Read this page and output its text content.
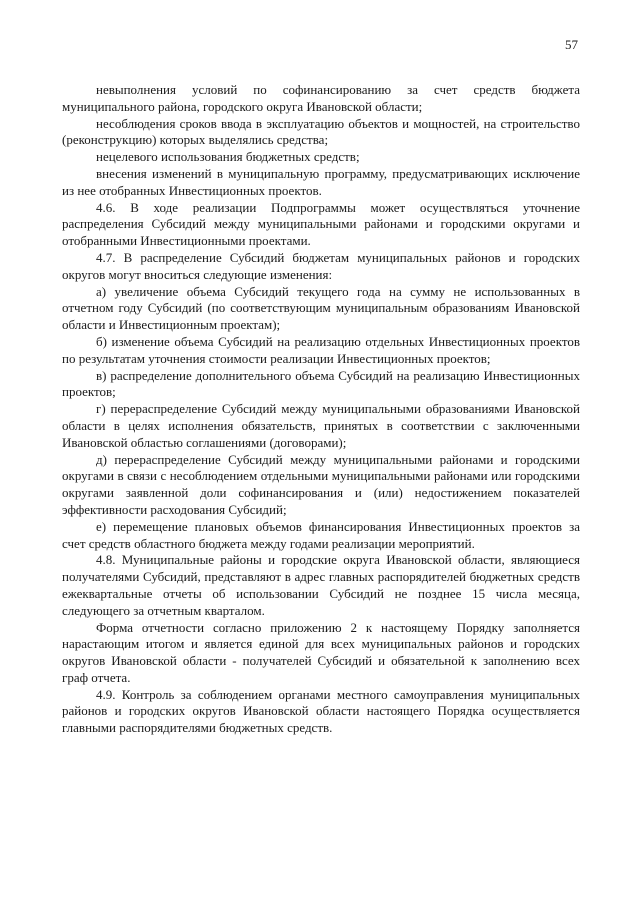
57

невыполнения условий по софинансированию за счет средств бюджета муниципального района, городского округа Ивановской области;

несоблюдения сроков ввода в эксплуатацию объектов и мощностей, на строительство (реконструкцию) которых выделялись средства;

нецелевого использования бюджетных средств;

внесения изменений в муниципальную программу, предусматривающих исключение из нее отобранных Инвестиционных проектов.

4.6. В ходе реализации Подпрограммы может осуществляться уточнение распределения Субсидий между муниципальными районами и городскими округами и отобранными Инвестиционными проектами.

4.7. В распределение Субсидий бюджетам муниципальных районов и городских округов могут вноситься следующие изменения:

а) увеличение объема Субсидий текущего года на сумму не использованных в отчетном году Субсидий (по соответствующим муниципальным образованиям Ивановской области и Инвестиционным проектам);

б) изменение объема Субсидий на реализацию отдельных Инвестиционных проектов по результатам уточнения стоимости реализации Инвестиционных проектов;

в) распределение дополнительного объема Субсидий на реализацию Инвестиционных проектов;

г) перераспределение Субсидий между муниципальными образованиями Ивановской области в целях исполнения обязательств, принятых в соответствии с заключенными Ивановской областью соглашениями (договорами);

д) перераспределение Субсидий между муниципальными районами и городскими округами в связи с несоблюдением отдельными муниципальными районами или городскими округами заявленной доли софинансирования и (или) недостижением показателей эффективности расходования Субсидий;

е) перемещение плановых объемов финансирования Инвестиционных проектов за счет средств областного бюджета между годами реализации мероприятий.

4.8. Муниципальные районы и городские округа Ивановской области, являющиеся получателями Субсидий, представляют в адрес главных распорядителей бюджетных средств ежеквартальные отчеты об использовании Субсидий не позднее 15 числа месяца, следующего за отчетным кварталом.

Форма отчетности согласно приложению 2 к настоящему Порядку заполняется нарастающим итогом и является единой для всех муниципальных районов и городских округов Ивановской области - получателей Субсидий и обязательной к заполнению всех граф отчета.

4.9. Контроль за соблюдением органами местного самоуправления муниципальных районов и городских округов Ивановской области настоящего Порядка осуществляется главными распорядителями бюджетных средств.
